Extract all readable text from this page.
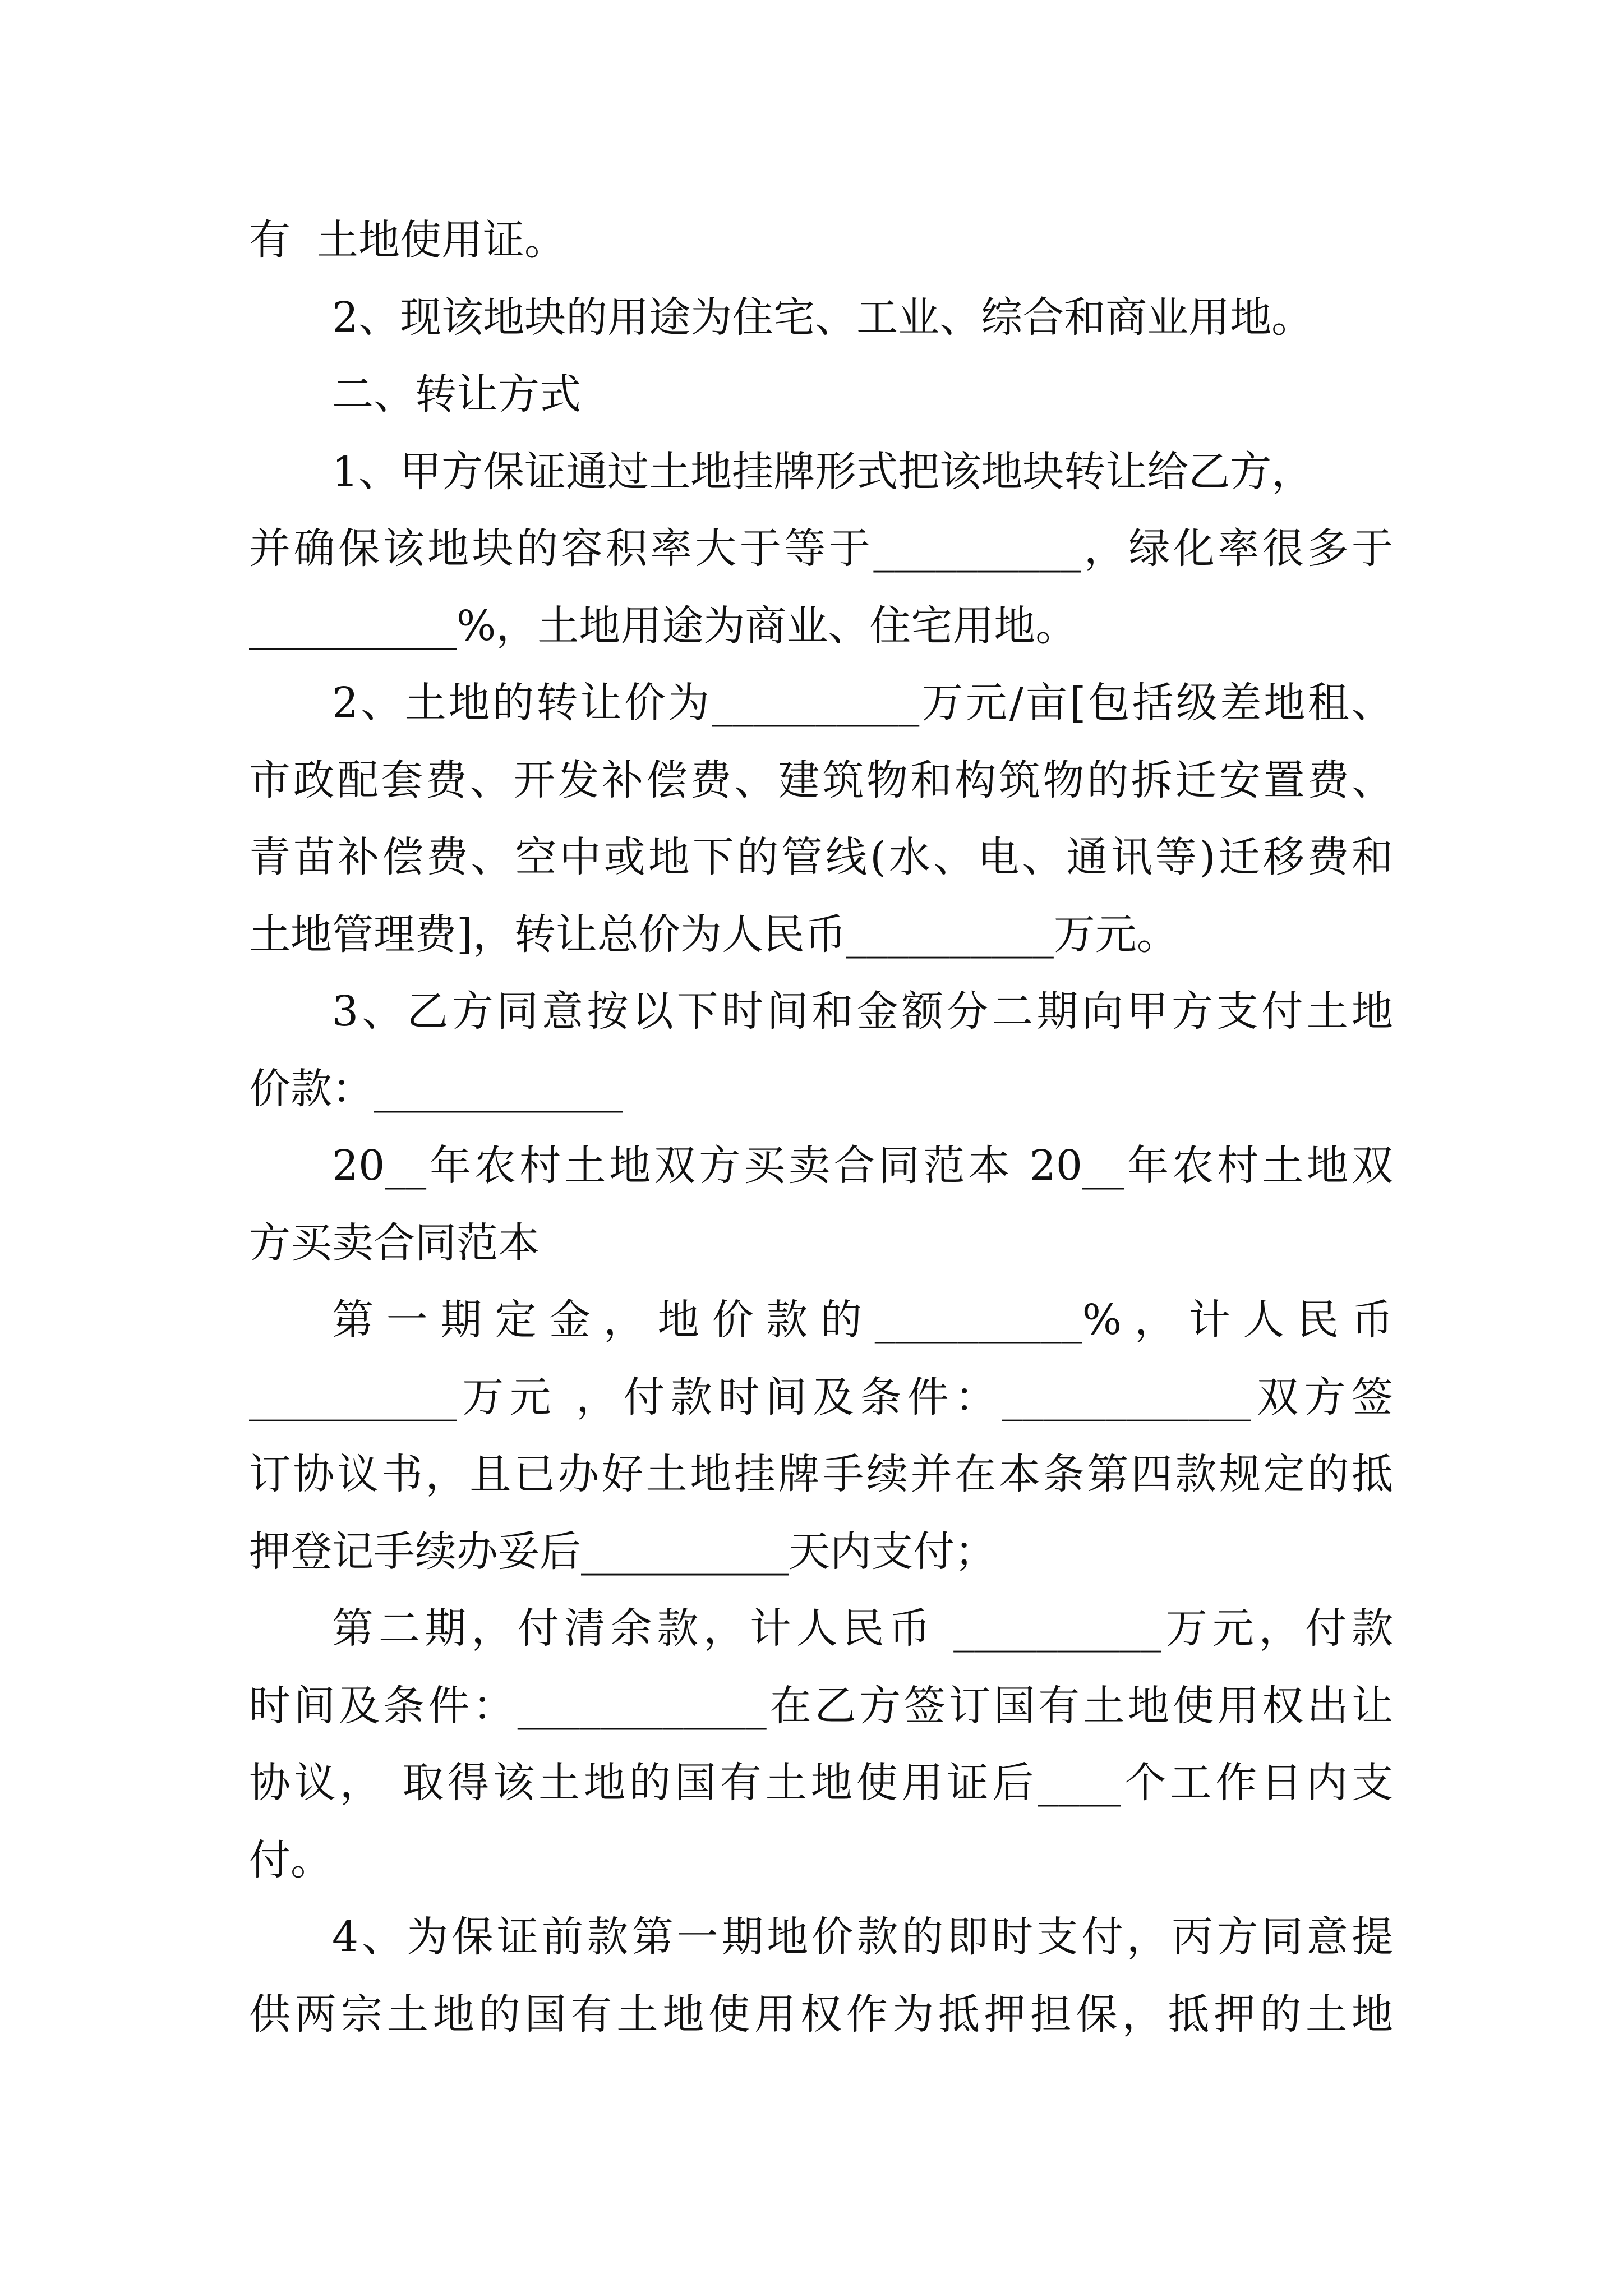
有  土地使用证。
2、现该地块的用途为住宅、工业、综合和商业用地。
二、转让方式
1、甲方保证通过土地挂牌形式把该地块转让给乙方，
并确保该地块的容积率大于等于__________，绿化率很多于
__________%，土地用途为商业、住宅用地。
2、土地的转让价为__________万元/亩[包括级差地租、
市政配套费、开发补偿费、建筑物和构筑物的拆迁安置费、
青苗补偿费、空中或地下的管线(水、电、通讯等)迁移费和
土地管理费]，转让总价为人民币__________万元。
3、乙方同意按以下时间和金额分二期向甲方支付土地
价款：____________
20__年农村土地双方买卖合同范本 20__年农村土地双
方买卖合同范本
第一期定金，地价款的__________%，计人民币
__________万元 ，付款时间及条件：____________双方签
订协议书，且已办好土地挂牌手续并在本条第四款规定的抵
押登记手续办妥后__________天内支付；
第二期，付清余款，计人民币 __________万元，付款
时间及条件：____________在乙方签订国有土地使用权出让
协议， 取得该土地的国有土地使用证后____个工作日内支
付。
4、为保证前款第一期地价款的即时支付，丙方同意提
供两宗土地的国有土地使用权作为抵押担保，抵押的土地
